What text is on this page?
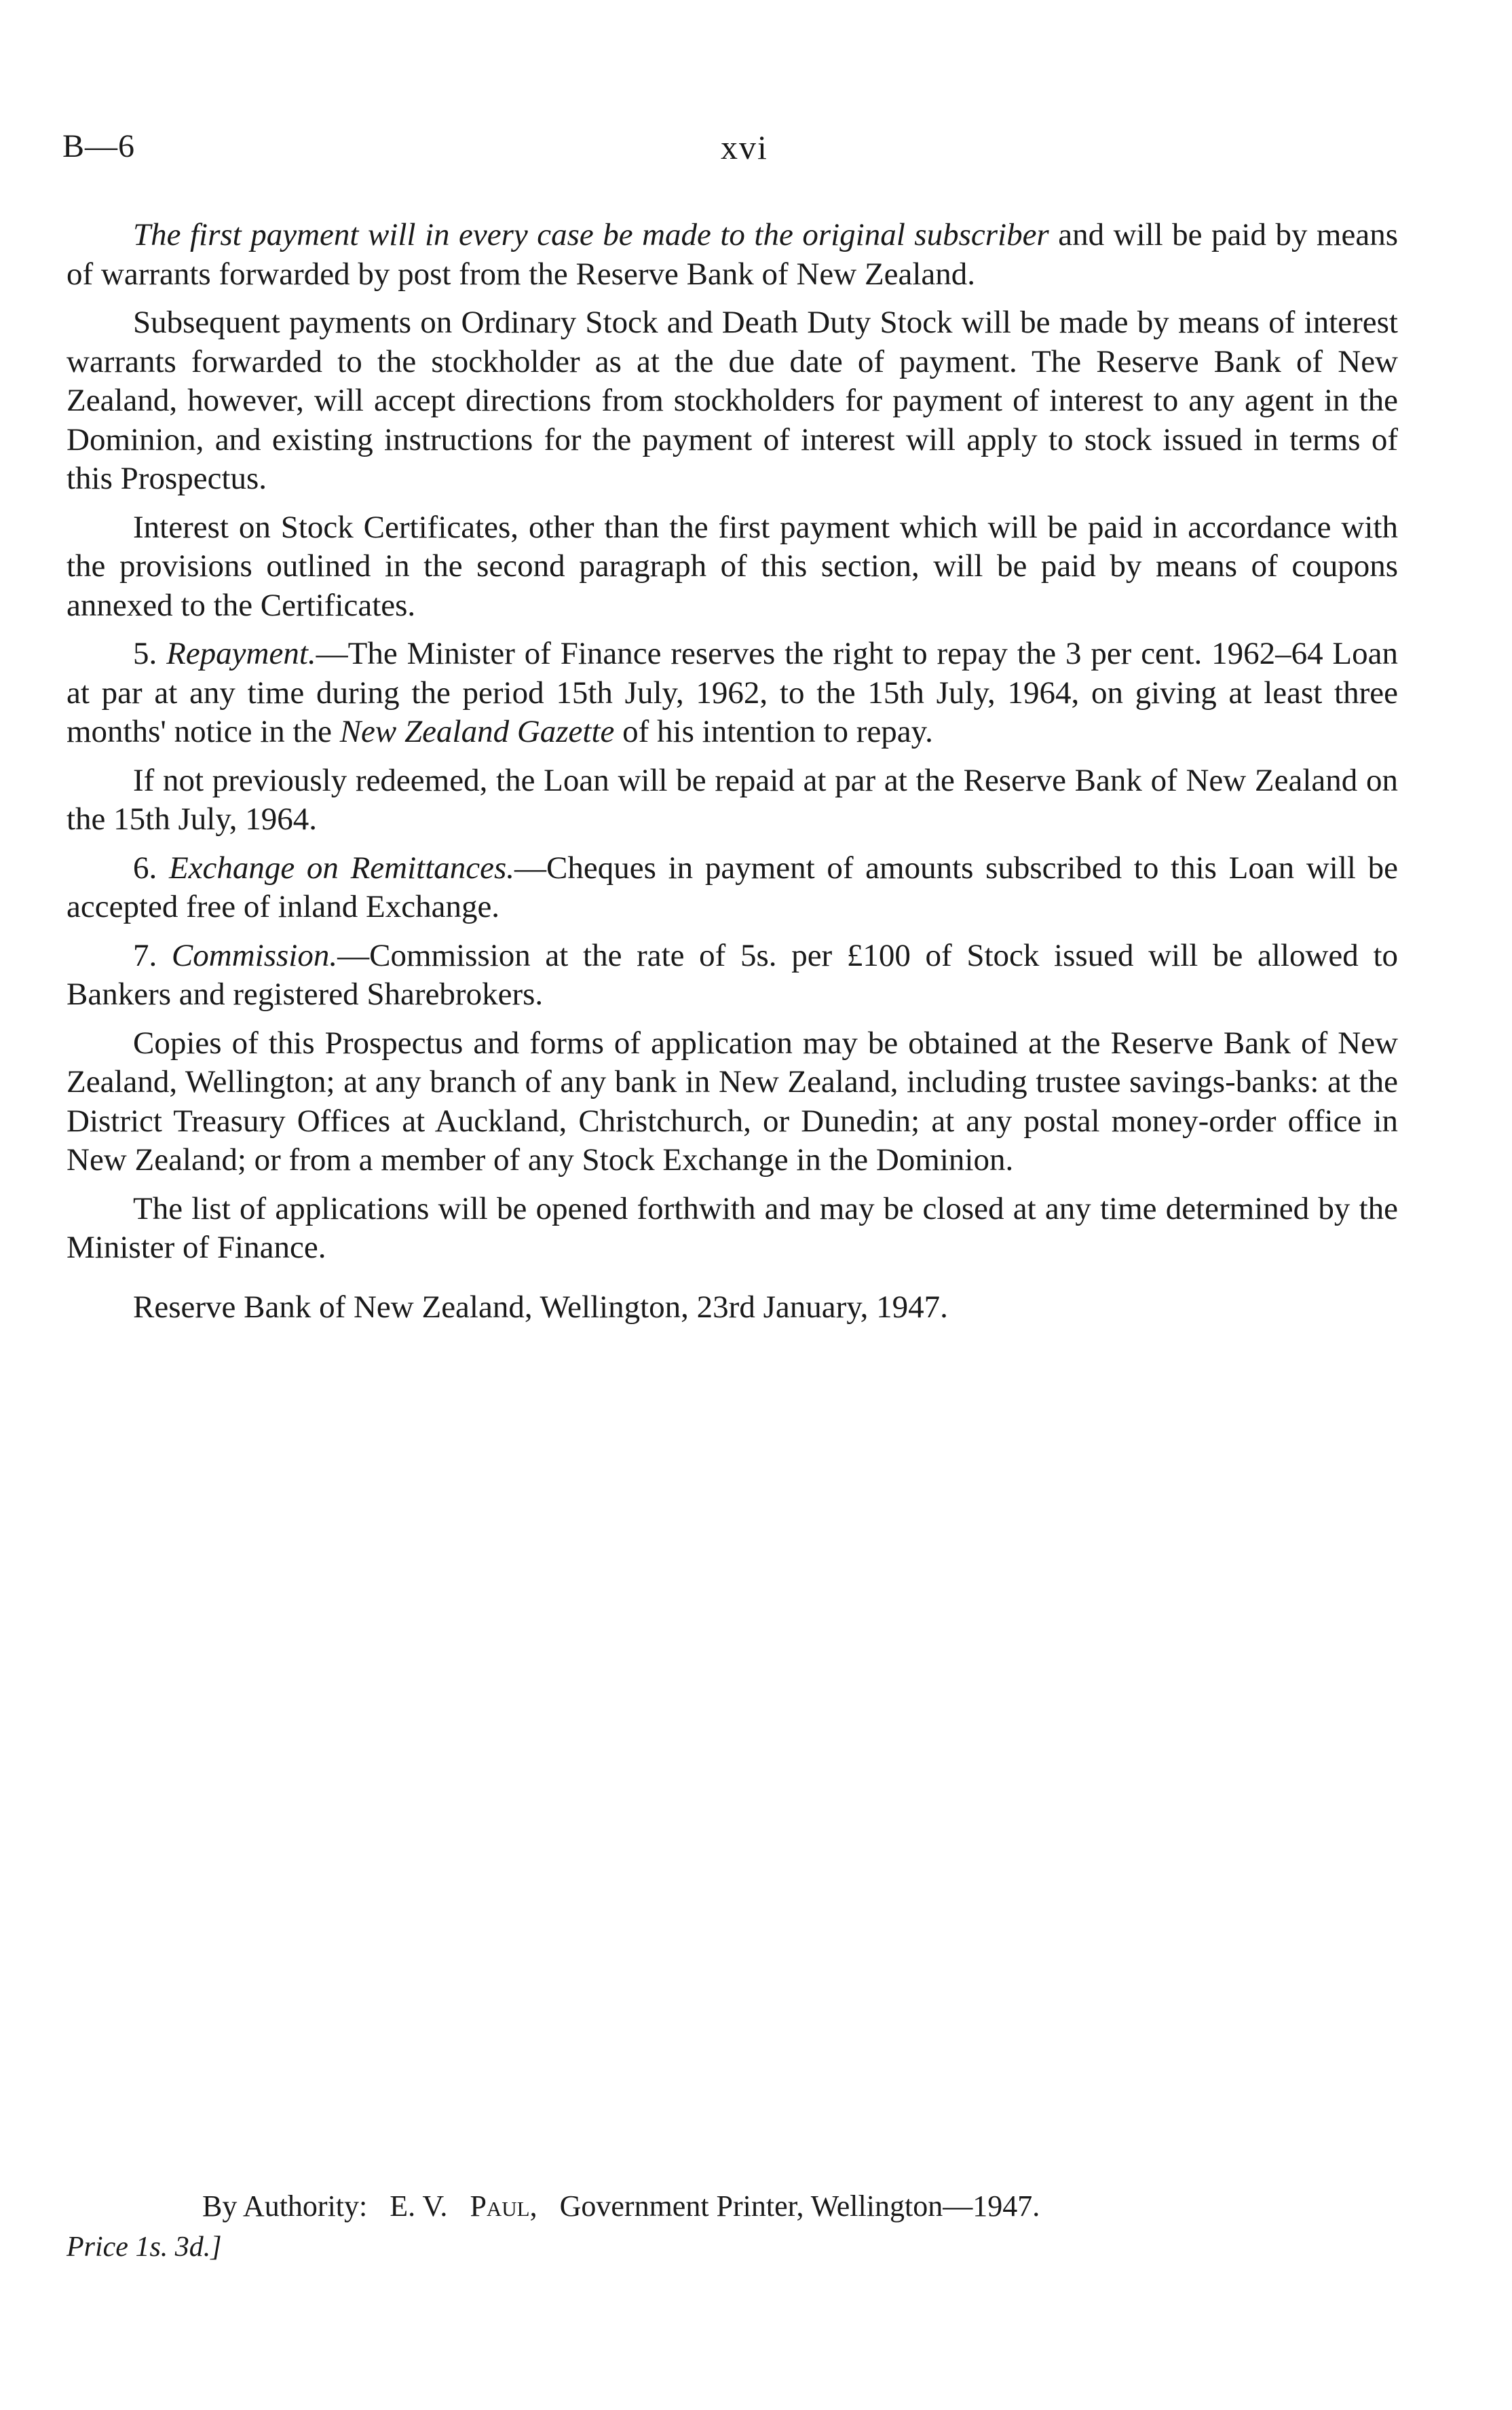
B—6	xvi

The first payment will in every case be made to the original subscriber and will be paid by means of warrants forwarded by post from the Reserve Bank of New Zealand.

Subsequent payments on Ordinary Stock and Death Duty Stock will be made by means of interest warrants forwarded to the stockholder as at the due date of payment. The Reserve Bank of New Zealand, however, will accept directions from stockholders for payment of interest to any agent in the Dominion, and existing instructions for the payment of interest will apply to stock issued in terms of this Prospectus.

Interest on Stock Certificates, other than the first payment which will be paid in accordance with the provisions outlined in the second paragraph of this section, will be paid by means of coupons annexed to the Certificates.

5. Repayment.—The Minister of Finance reserves the right to repay the 3 per cent. 1962–64 Loan at par at any time during the period 15th July, 1962, to the 15th July, 1964, on giving at least three months' notice in the New Zealand Gazette of his intention to repay.

If not previously redeemed, the Loan will be repaid at par at the Reserve Bank of New Zealand on the 15th July, 1964.

6. Exchange on Remittances.—Cheques in payment of amounts subscribed to this Loan will be accepted free of inland Exchange.

7. Commission.—Commission at the rate of 5s. per £100 of Stock issued will be allowed to Bankers and registered Sharebrokers.

Copies of this Prospectus and forms of application may be obtained at the Reserve Bank of New Zealand, Wellington; at any branch of any bank in New Zealand, including trustee savings-banks: at the District Treasury Offices at Auckland, Christchurch, or Dunedin; at any postal money-order office in New Zealand; or from a member of any Stock Exchange in the Dominion.

The list of applications will be opened forthwith and may be closed at any time determined by the Minister of Finance.

Reserve Bank of New Zealand, Wellington, 23rd January, 1947.

By Authority: E. V. Paul, Government Printer, Wellington—1947.
Price 1s. 3d.]
